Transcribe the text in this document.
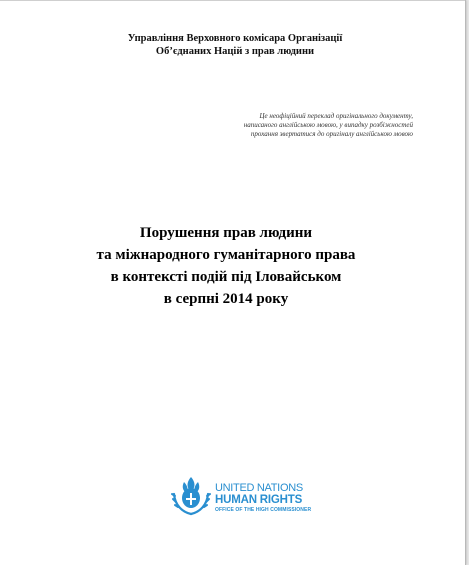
Управління Верховного комісара Організації
Об’єднаних Націй з прав людини
Це неофіційний переклад оригінального документу,
написаного англійською мовою, у випадку розбіжностей
прохання звертатися до оригіналу англійською мовою
Порушення прав людини
та міжнародного гуманітарного права
в контексті подій під Іловайськом
в серпні 2014 року
UNITED NATIONS
HUMAN RIGHTS
OFFICE OF THE HIGH COMMISSIONER
